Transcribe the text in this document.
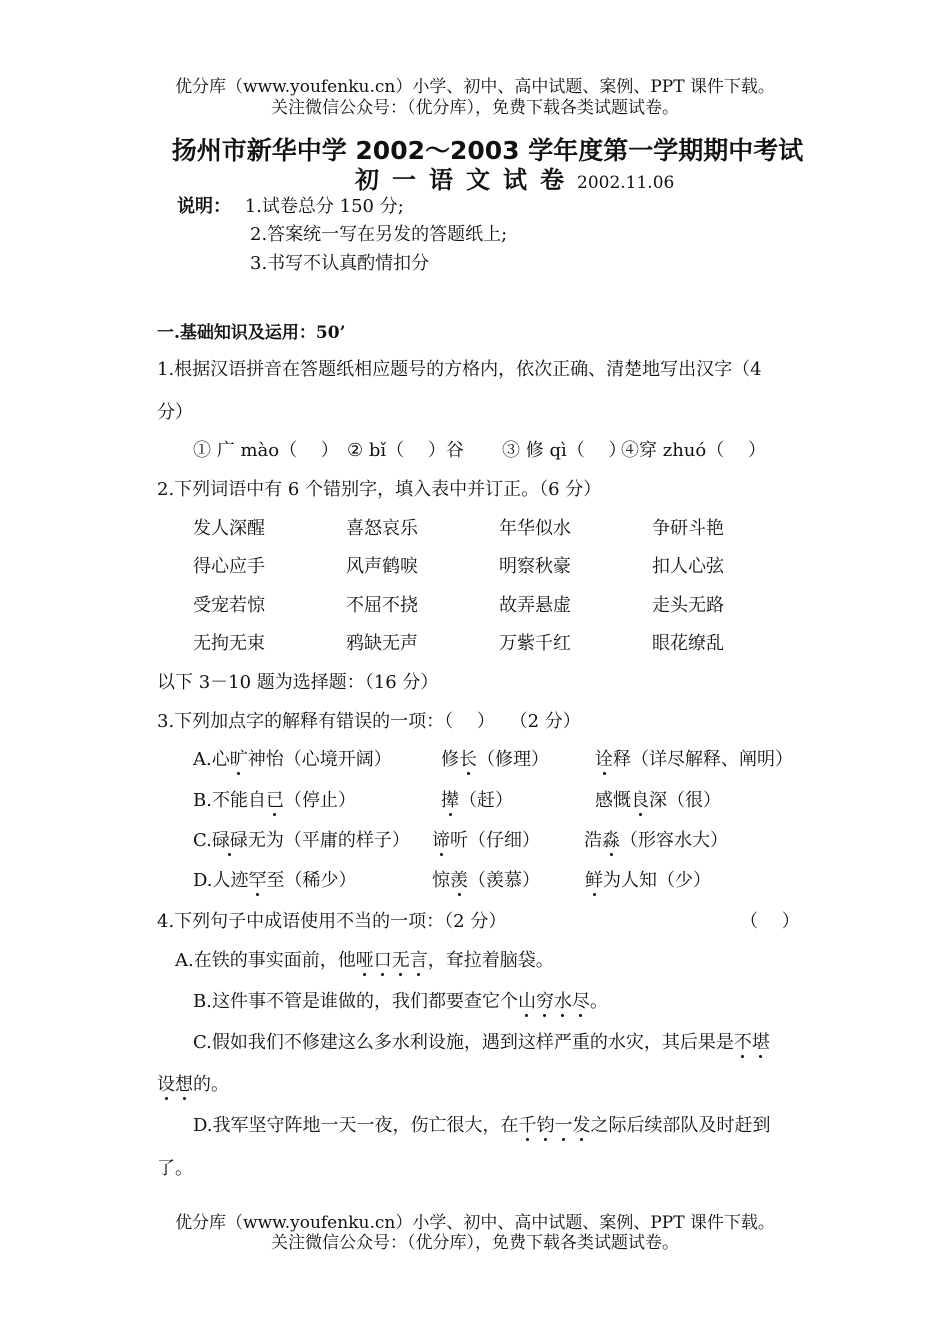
优分库（www.youfenku.cn）小学、初中、高中试题、案例、PPT 课件下载。
关注微信公众号：（优分库），免费下载各类试题试卷。
扬州市新华中学 2002～2003 学年度第一学期期中考试
初一语文试卷2002.11.06
说明： 1.试卷总分 150 分;
2.答案统一写在另发的答题纸上;
3.书写不认真酌情扣分
一.基础知识及运用：50’
1.根据汉语拼音在答题纸相应题号的方格内，依次正确、清楚地写出汉字（4
分）
① 广 mào（　 ） ② bǐ（　 ）谷 ③ 修 qì（　 ）
④穿 zhuó（　 ）
2.下列词语中有 6 个错别字，填入表中并订正。（6 分）
发人深醒	喜怒哀乐	年华似水	争研斗艳
得心应手	风声鹤唳	明察秋豪	扣人心弦
受宠若惊	不屈不挠	故弄悬虚	走头无路
无拘无束	鸦缺无声	万紫千红	眼花缭乱
以下 3－10 题为选择题：（16 分）
3.下列加点字的解释有错误的一项：（　 ）　 （2 分）
A.心旷神怡（心境开阔）	修长（修理）	诠释（详尽解释、阐明）
B.不能自已（停止）	撵（赶）	感慨良深（很）
C.碌碌无为（平庸的样子） 谛听（仔细） 浩淼（形容水大）
D.人迹罕至（稀少）	惊羡（羡慕）	鲜为人知（少）
4.下列句子中成语使用不当的一项：（2 分）	（　 ）
A.在铁的事实面前，他哑口无言，耷拉着脑袋。
B.这件事不管是谁做的，我们都要查它个山穷水尽。
C.假如我们不修建这么多水利设施，遇到这样严重的水灾，其后果是不堪
设想的。
D.我军坚守阵地一天一夜，伤亡很大，在千钧一发之际后续部队及时赶到
了。
优分库（www.youfenku.cn）小学、初中、高中试题、案例、PPT 课件下载。
关注微信公众号：（优分库），免费下载各类试题试卷。
